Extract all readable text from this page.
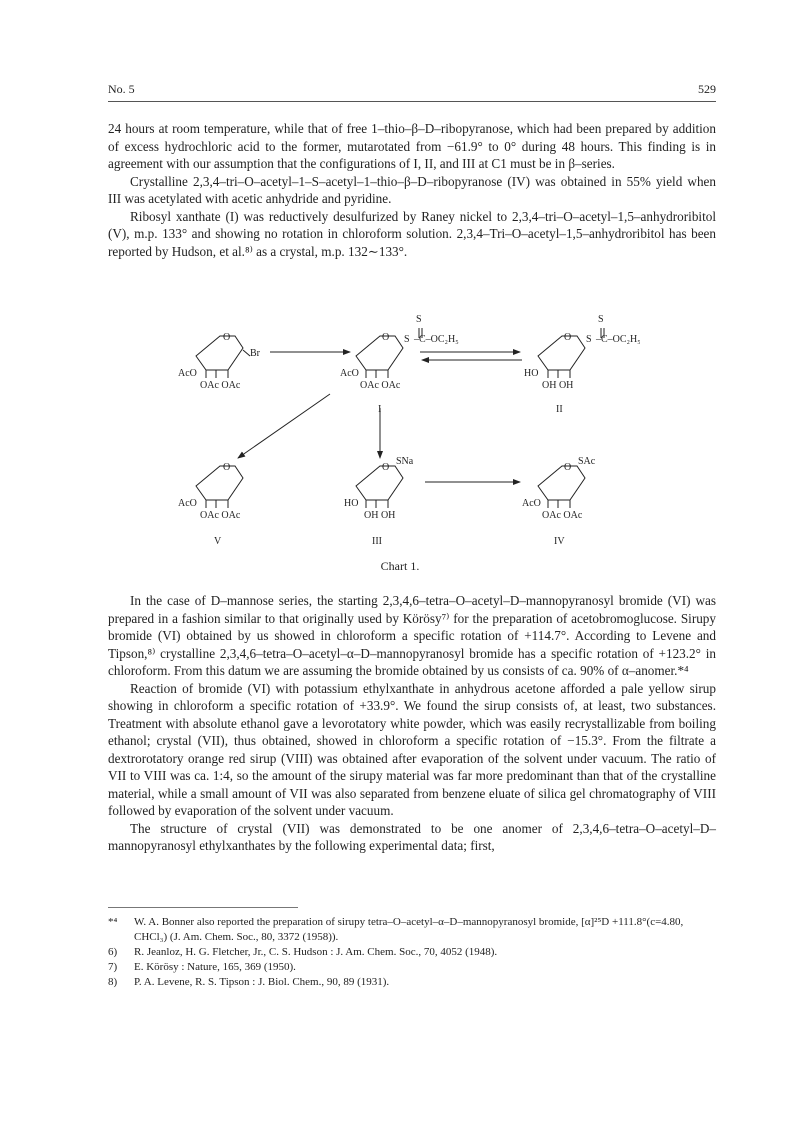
No. 5	529

24 hours at room temperature, while that of free 1–thio–β–D–ribopyranose, which had been prepared by addition of excess hydrochloric acid to the former, mutarotated from −61.9° to 0° during 48 hours. This finding is in agreement with our assumption that the configurations of I, II, and III at C1 must be in β–series.

Crystalline 2,3,4–tri–O–acetyl–1–S–acetyl–1–thio–β–D–ribopyranose (IV) was obtained in 55% yield when III was acetylated with acetic anhydride and pyridine.

Ribosyl xanthate (I) was reductively desulfurized by Raney nickel to 2,3,4–tri–O–acetyl–1,5–anhydroribitol (V), m.p. 133° and showing no rotation in chloroform solution. 2,3,4–Tri–O–acetyl–1,5–anhydroribitol has been reported by Hudson, et al.⁸⁾ as a crystal, m.p. 132∼133°.

O
Br
AcO
OAc OAc
O
S
S –C–OC₂H₅
AcO
OAc OAc
I
O
S
S –C–OC₂H₅
HO
OH OH
II
O
AcO
OAc OAc
V
O
SNa
HO
OH OH
III
O
SAc
AcO
OAc OAc
IV
Chart 1.

In the case of D–mannose series, the starting 2,3,4,6–tetra–O–acetyl–D–mannopyranosyl bromide (VI) was prepared in a fashion similar to that originally used by Körösy⁷⁾ for the preparation of acetobromoglucose. Sirupy bromide (VI) obtained by us showed in chloroform a specific rotation of +114.7°. According to Levene and Tipson,⁸⁾ crystalline 2,3,4,6–tetra–O–acetyl–α–D–mannopyranosyl bromide has a specific rotation of +123.2° in chloroform. From this datum we are assuming the bromide obtained by us consists of ca. 90% of α–anomer.*⁴

Reaction of bromide (VI) with potassium ethylxanthate in anhydrous acetone afforded a pale yellow sirup showing in chloroform a specific rotation of +33.9°. We found the sirup consists of, at least, two substances. Treatment with absolute ethanol gave a levorotatory white powder, which was easily recrystallizable from boiling ethanol; crystal (VII), thus obtained, showed in chloroform a specific rotation of −15.3°. From the filtrate a dextrorotatory orange red sirup (VIII) was obtained after evaporation of the solvent under vacuum. The ratio of VII to VIII was ca. 1:4, so the amount of the sirupy material was far more predominant than that of the crystalline material, while a small amount of VII was also separated from benzene eluate of silica gel chromatography of VIII followed by evaporation of the solvent under vacuum.

The structure of crystal (VII) was demonstrated to be one anomer of 2,3,4,6–tetra–O–acetyl–D–mannopyranosyl ethylxanthates by the following experimental data; first,

*⁴ W. A. Bonner also reported the preparation of sirupy tetra–O–acetyl–α–D–mannopyranosyl bromide, [α]²⁵D +111.8°(c=4.80, CHCl₃) (J. Am. Chem. Soc., 80, 3372 (1958)).

6) R. Jeanloz, H. G. Fletcher, Jr., C. S. Hudson : J. Am. Chem. Soc., 70, 4052 (1948).

7) E. Körösy : Nature, 165, 369 (1950).

8) P. A. Levene, R. S. Tipson : J. Biol. Chem., 90, 89 (1931).
